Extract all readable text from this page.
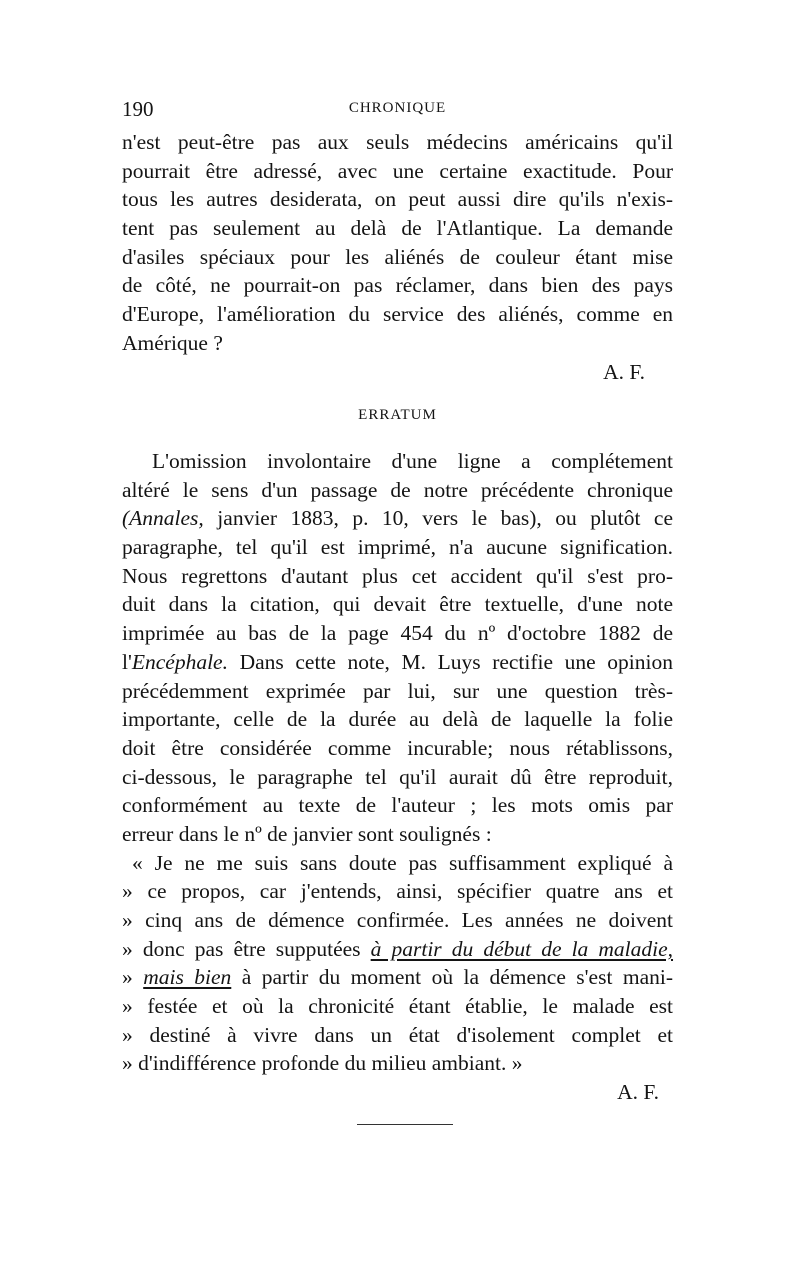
190	CHRONIQUE
n'est peut-être pas aux seuls médecins américains qu'il
pourrait être adressé, avec une certaine exactitude. Pour
tous les autres desiderata, on peut aussi dire qu'ils n'exis-
tent pas seulement au delà de l'Atlantique. La demande
d'asiles spéciaux pour les aliénés de couleur étant mise
de côté, ne pourrait-on pas réclamer, dans bien des pays
d'Europe, l'amélioration du service des aliénés, comme en
Amérique ?
A. F.
ERRATUM
L'omission involontaire d'une ligne a complétement
altéré le sens d'un passage de notre précédente chronique
(Annales, janvier 1883, p. 10, vers le bas), ou plutôt ce
paragraphe, tel qu'il est imprimé, n'a aucune signification.
Nous regrettons d'autant plus cet accident qu'il s'est pro-
duit dans la citation, qui devait être textuelle, d'une note
imprimée au bas de la page 454 du nº d'octobre 1882 de
l'Encéphale. Dans cette note, M. Luys rectifie une opinion
précédemment exprimée par lui, sur une question très-
importante, celle de la durée au delà de laquelle la folie
doit être considérée comme incurable; nous rétablissons,
ci-dessous, le paragraphe tel qu'il aurait dû être reproduit,
conformément au texte de l'auteur ; les mots omis par
erreur dans le nº de janvier sont soulignés :
« Je ne me suis sans doute pas suffisamment expliqué à
» ce propos, car j'entends, ainsi, spécifier quatre ans et
» cinq ans de démence confirmée. Les années ne doivent
» donc pas être supputées à partir du début de la maladie,
» mais bien à partir du moment où la démence s'est mani-
» festée et où la chronicité étant établie, le malade est
» destiné à vivre dans un état d'isolement complet et
» d'indifférence profonde du milieu ambiant. »
A. F.
